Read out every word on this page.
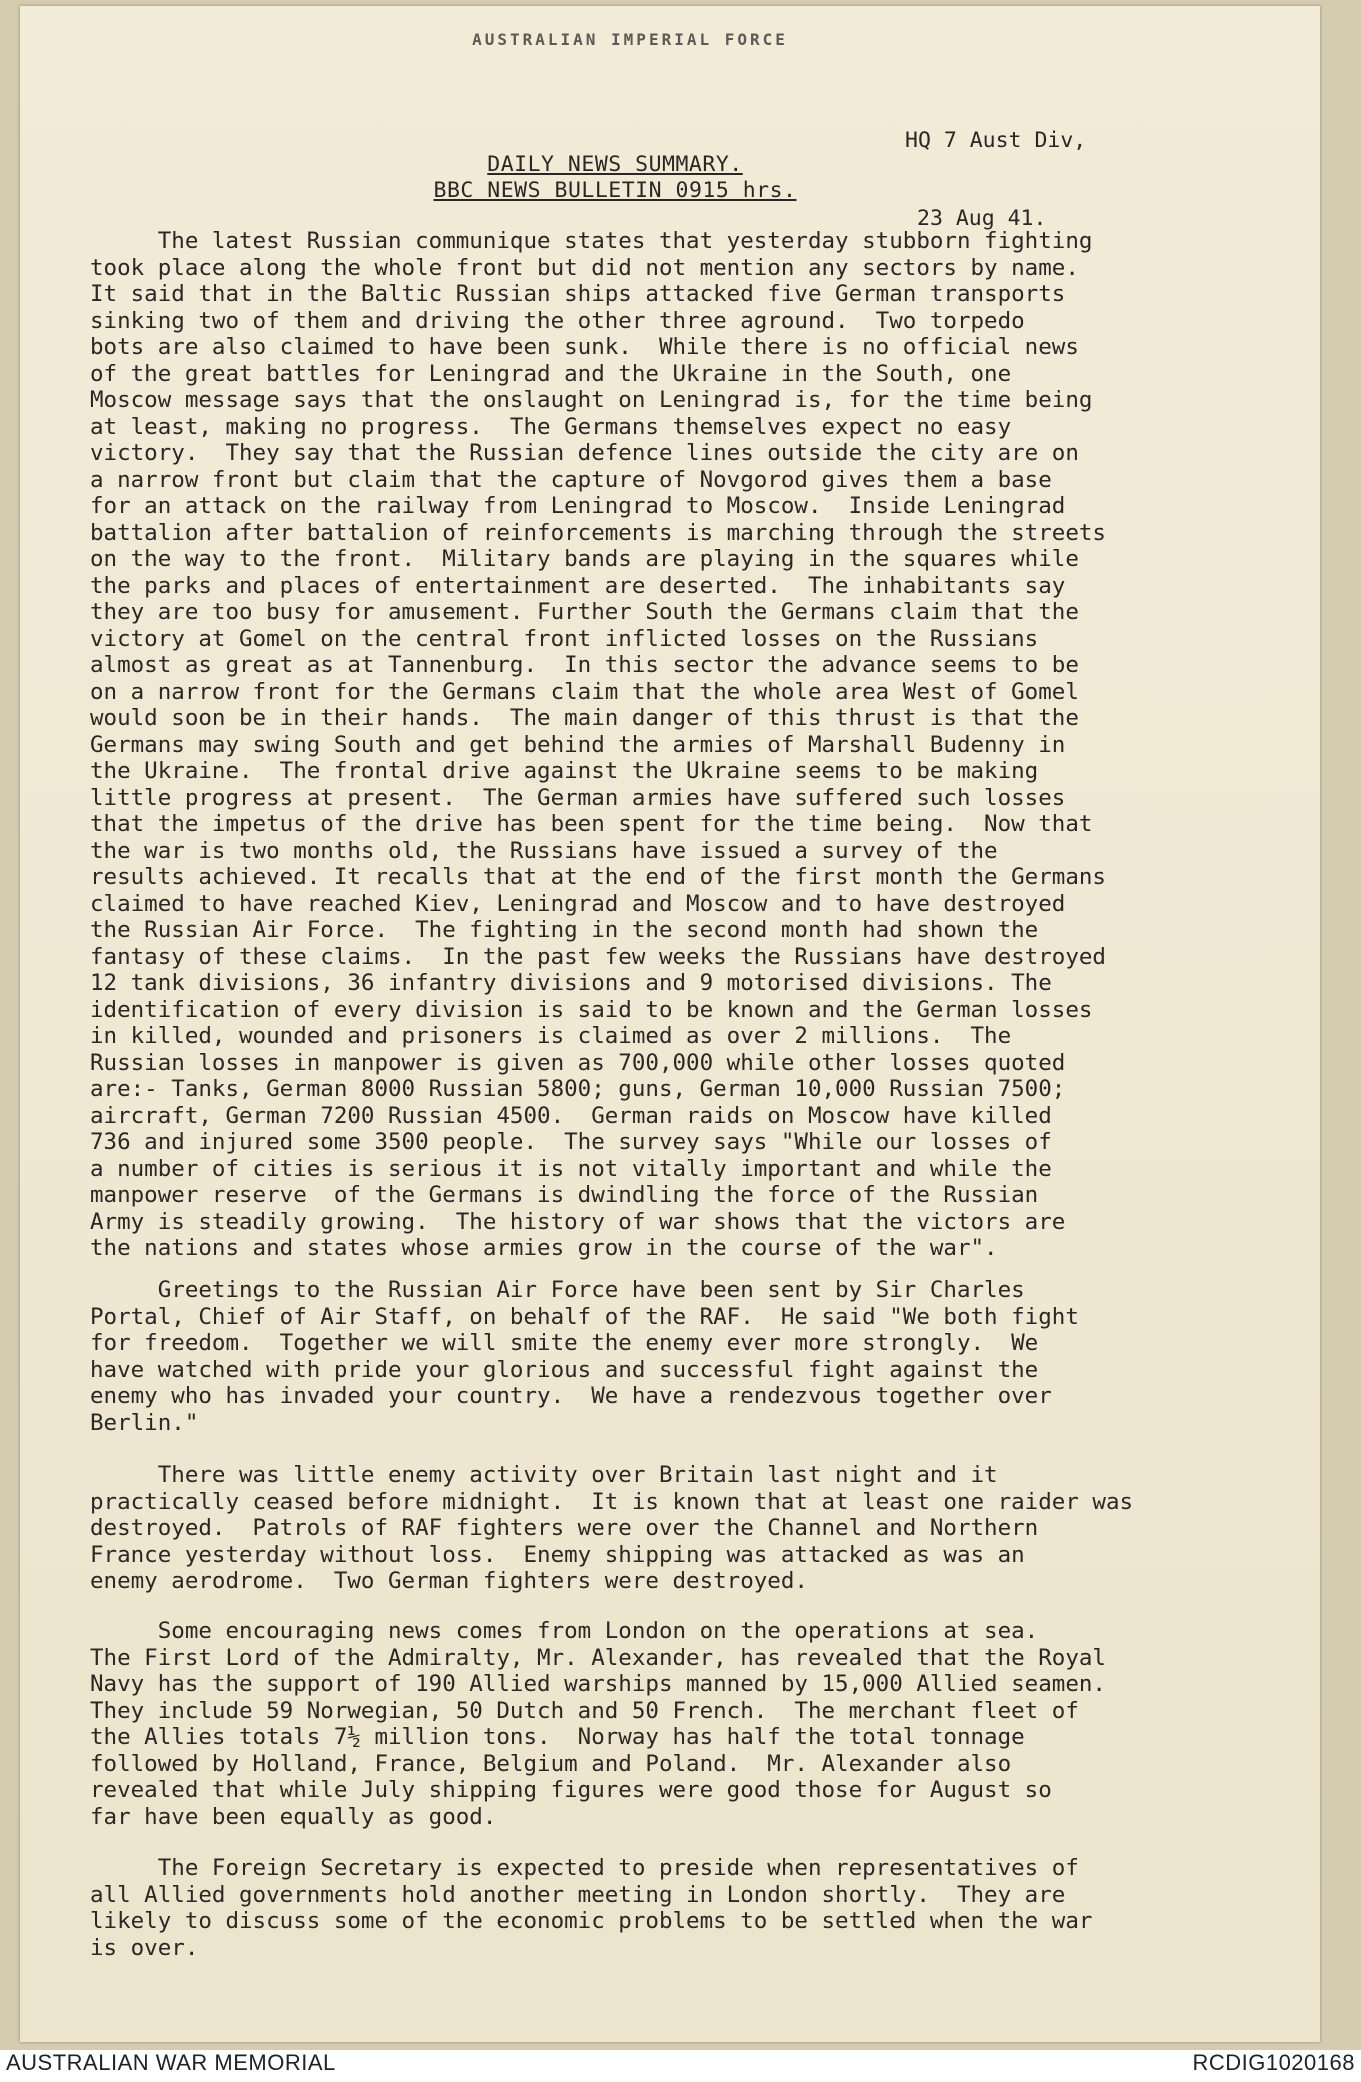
AUSTRALIAN IMPERIAL FORCE

HQ 7 Aust Div,

23 Aug 41.

DAILY NEWS SUMMARY.
BBC NEWS BULLETIN 0915 hrs.
The latest Russian communique states that yesterday stubborn fighting
took place along the whole front but did not mention any sectors by name.
It said that in the Baltic Russian ships attacked five German transports
sinking two of them and driving the other three aground.  Two torpedo
bots are also claimed to have been sunk.  While there is no official news
of the great battles for Leningrad and the Ukraine in the South, one
Moscow message says that the onslaught on Leningrad is, for the time being
at least, making no progress.  The Germans themselves expect no easy
victory.  They say that the Russian defence lines outside the city are on
a narrow front but claim that the capture of Novgorod gives them a base
for an attack on the railway from Leningrad to Moscow.  Inside Leningrad
battalion after battalion of reinforcements is marching through the streets
on the way to the front.  Military bands are playing in the squares while
the parks and places of entertainment are deserted.  The inhabitants say
they are too busy for amusement. Further South the Germans claim that the
victory at Gomel on the central front inflicted losses on the Russians
almost as great as at Tannenburg.  In this sector the advance seems to be
on a narrow front for the Germans claim that the whole area West of Gomel
would soon be in their hands.  The main danger of this thrust is that the
Germans may swing South and get behind the armies of Marshall Budenny in
the Ukraine.  The frontal drive against the Ukraine seems to be making
little progress at present.  The German armies have suffered such losses
that the impetus of the drive has been spent for the time being.  Now that
the war is two months old, the Russians have issued a survey of the
results achieved. It recalls that at the end of the first month the Germans
claimed to have reached Kiev, Leningrad and Moscow and to have destroyed
the Russian Air Force.  The fighting in the second month had shown the
fantasy of these claims.  In the past few weeks the Russians have destroyed
12 tank divisions, 36 infantry divisions and 9 motorised divisions. The
identification of every division is said to be known and the German losses
in killed, wounded and prisoners is claimed as over 2 millions.  The
Russian losses in manpower is given as 700,000 while other losses quoted
are:- Tanks, German 8000 Russian 5800; guns, German 10,000 Russian 7500;
aircraft, German 7200 Russian 4500.  German raids on Moscow have killed
736 and injured some 3500 people.  The survey says "While our losses of
a number of cities is serious it is not vitally important and while the
manpower reserve  of the Germans is dwindling the force of the Russian
Army is steadily growing.  The history of war shows that the victors are
the nations and states whose armies grow in the course of the war".
Greetings to the Russian Air Force have been sent by Sir Charles
Portal, Chief of Air Staff, on behalf of the RAF.  He said "We both fight
for freedom.  Together we will smite the enemy ever more strongly.  We
have watched with pride your glorious and successful fight against the
enemy who has invaded your country.  We have a rendezvous together over
Berlin."
There was little enemy activity over Britain last night and it
practically ceased before midnight.  It is known that at least one raider was
destroyed.  Patrols of RAF fighters were over the Channel and Northern
France yesterday without loss.  Enemy shipping was attacked as was an
enemy aerodrome.  Two German fighters were destroyed.
Some encouraging news comes from London on the operations at sea.
The First Lord of the Admiralty, Mr. Alexander, has revealed that the Royal
Navy has the support of 190 Allied warships manned by 15,000 Allied seamen.
They include 59 Norwegian, 50 Dutch and 50 French.  The merchant fleet of
the Allies totals 7½ million tons.  Norway has half the total tonnage
followed by Holland, France, Belgium and Poland.  Mr. Alexander also
revealed that while July shipping figures were good those for August so
far have been equally as good.
The Foreign Secretary is expected to preside when representatives of
all Allied governments hold another meeting in London shortly.  They are
likely to discuss some of the economic problems to be settled when the war
is over.
AUSTRALIAN WAR MEMORIAL	RCDIG1020168
